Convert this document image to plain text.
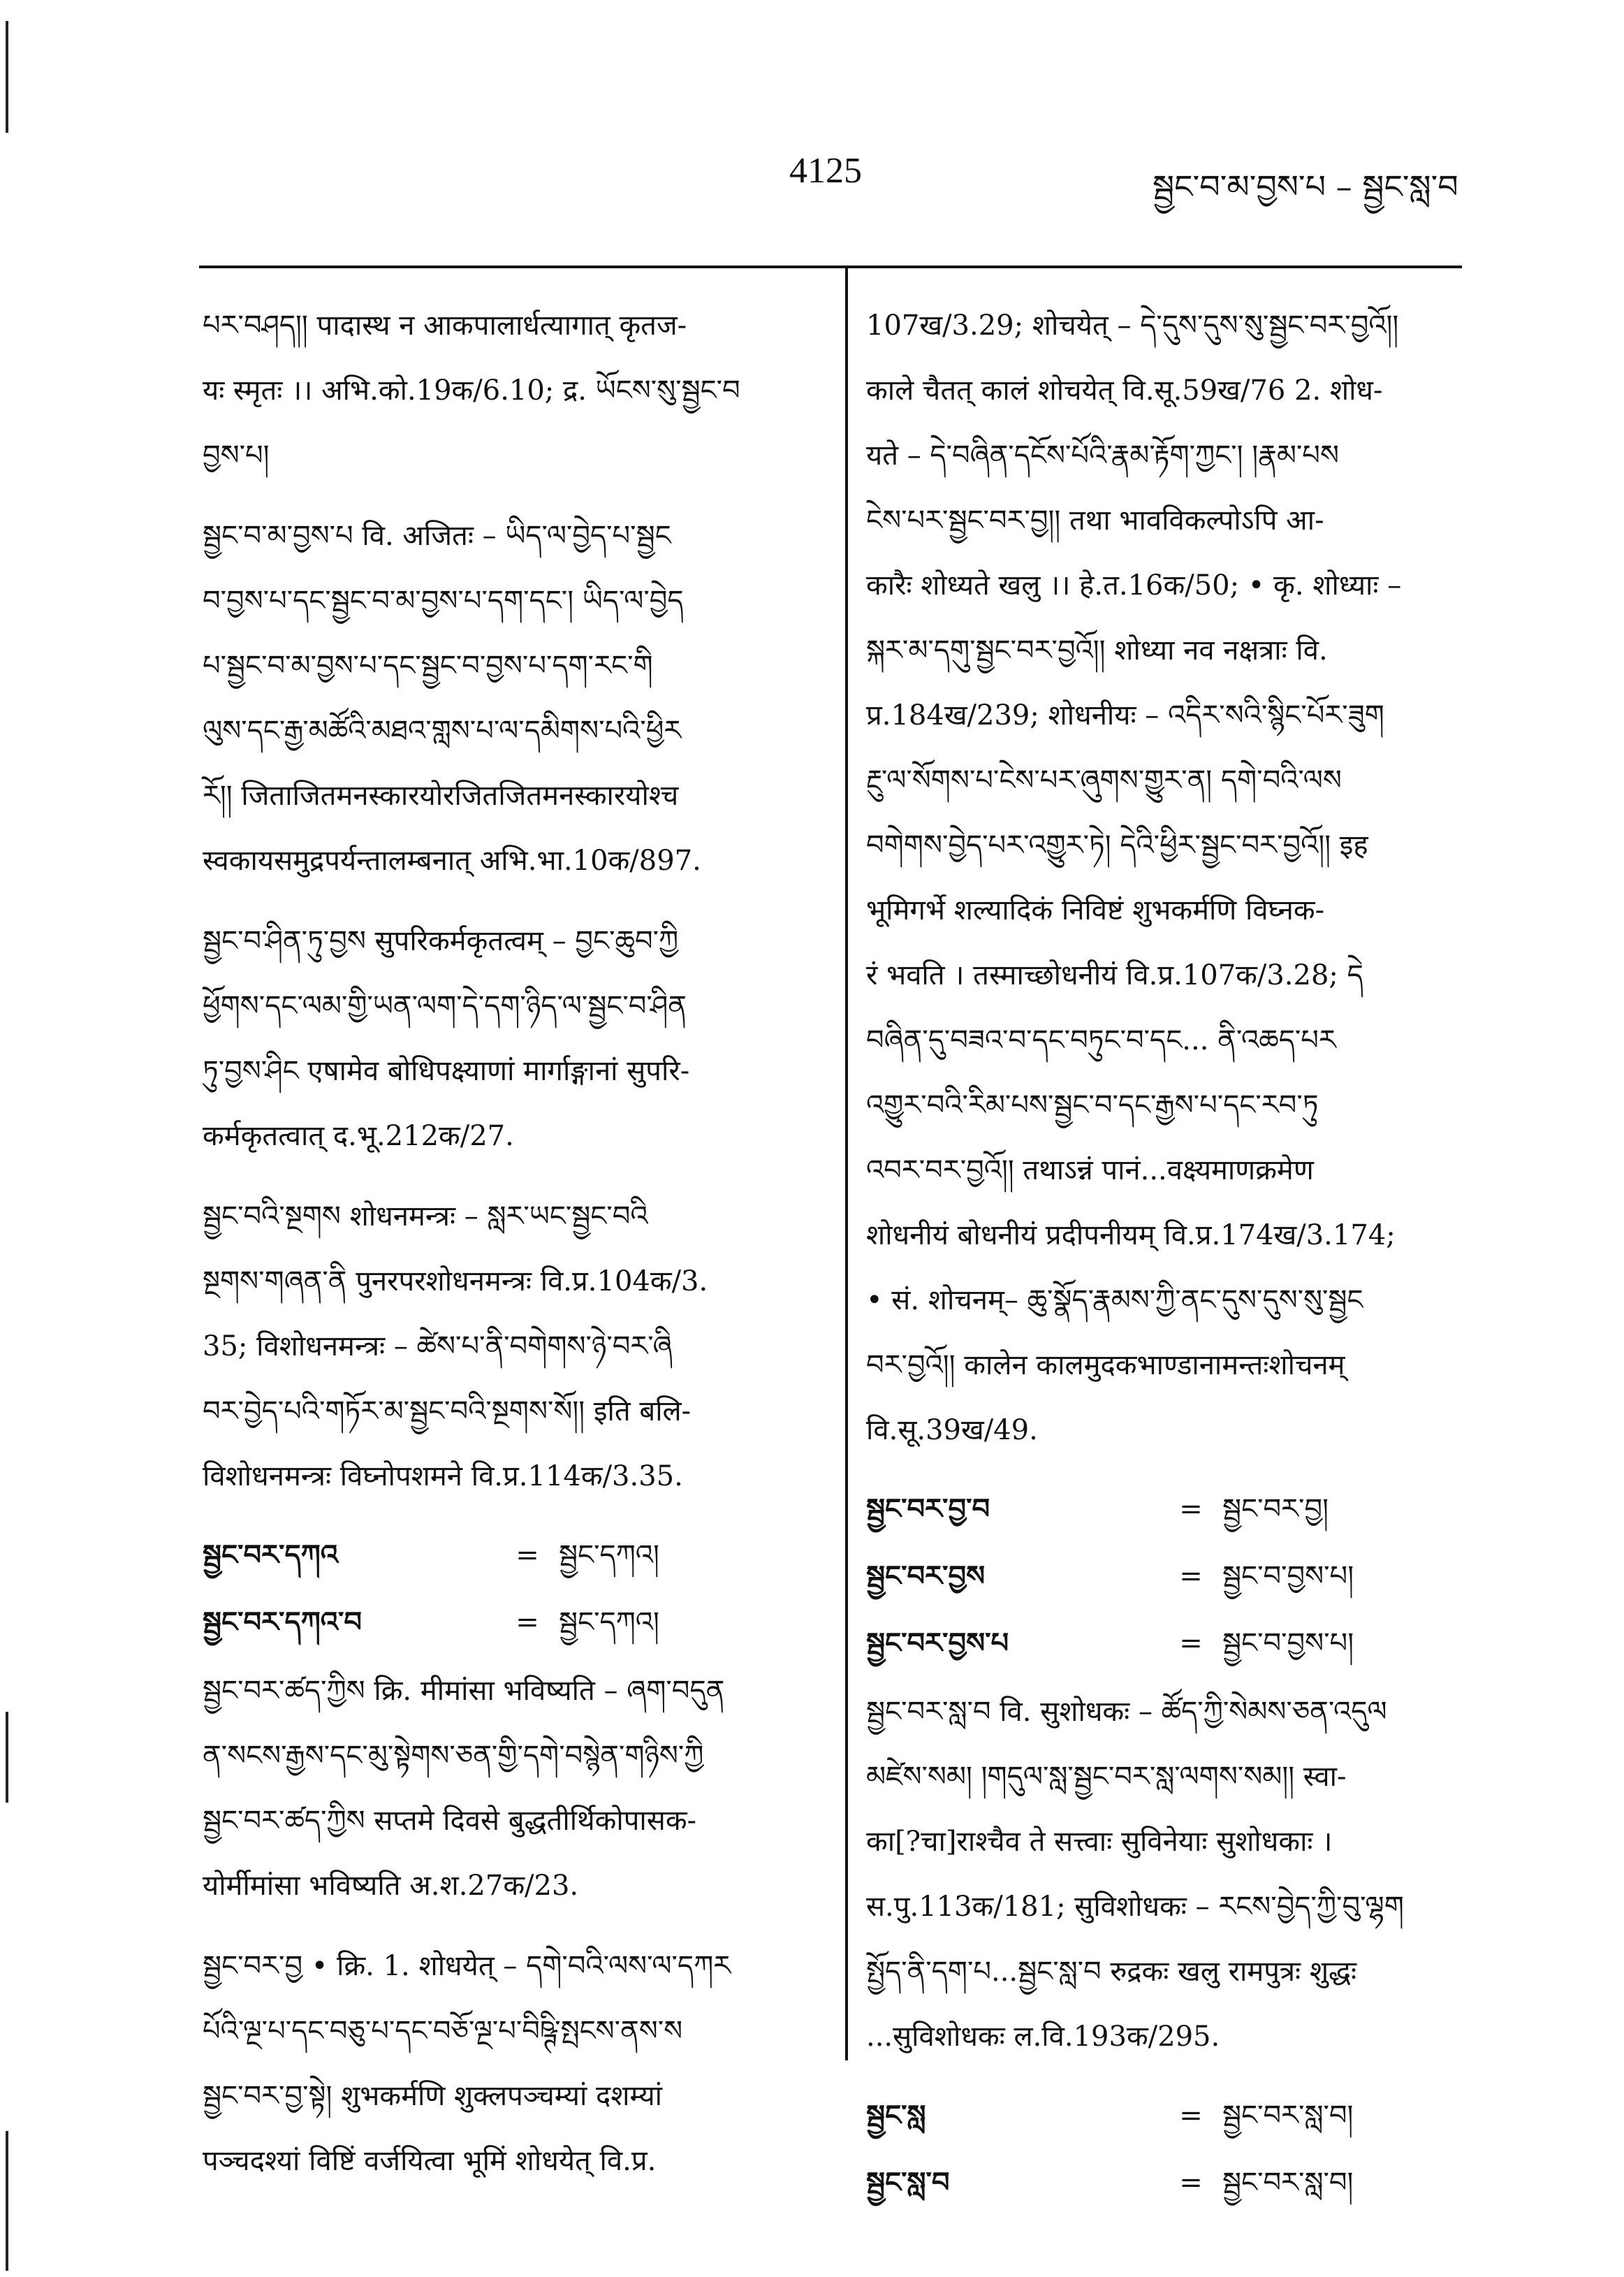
4125	སྦྱང་བ་མ་བྱས་པ – སྦྱང་སླ་བ

པར་བཤད།། पादास्थ न आकपालार्धत्यागात् कृतज-

यः स्मृतः ।। अभि.को.19क/6.10; द्र. ཡོངས་སུ་སྦྱང་བ

བྱས་པ།

སྦྱང་བ་མ་བྱས་པ वि. अजितः – ཡིད་ལ་བྱེད་པ་སྦྱང

བ་བྱས་པ་དང་སྦྱང་བ་མ་བྱས་པ་དག་དང་། ཡིད་ལ་བྱེད

པ་སྦྱང་བ་མ་བྱས་པ་དང་སྦྱང་བ་བྱས་པ་དག་རང་གི

ལུས་དང་རྒྱ་མཚོའི་མཐའ་གླས་པ་ལ་དམིགས་པའི་ཕྱིར

རོ།། जिताजितमनस्कारयोरजितजितमनस्कारयोश्च

स्वकायसमुद्रपर्यन्तालम्बनात् अभि.भा.10क/897.

སྦྱང་བ་ཤིན་ཏུ་བྱས सुपरिकर्मकृतत्वम् – བྱང་ཆུབ་ཀྱི

ཕྱོགས་དང་ལམ་གྱི་ཡན་ལག་དེ་དག་ཉིད་ལ་སྦྱང་བ་ཤིན

ཏུ་བྱས་ཤིང एषामेव बोधिपक्ष्याणां मार्गाङ्गानां सुपरि-

कर्मकृतत्वात् द.भू.212क/27.

སྦྱང་བའི་སྔགས शोधनमन्त्रः – སླར་ཡང་སྦྱང་བའི

སྔགས་གཞན་ནི पुनरपरशोधनमन्त्रः वि.प्र.104क/3.

35; विशोधनमन्त्रः – ཚེས་པ་ནི་བགེགས་ཉེ་བར་ཞི

བར་བྱེད་པའི་གཏོར་མ་སྦྱང་བའི་སྔགས་སོ།། इति बलि-

विशोधनमन्त्रः विघ्नोपशमने वि.प्र.114क/3.35.

སྦྱང་བར་དཀའ	= སྦྱང་དཀའ།
སྦྱང་བར་དཀའ་བ	= སྦྱང་དཀའ།

སྦྱང་བར་ཚད་ཀྱིས क्रि. मीमांसा भविष्यति – ཞག་བདུན

ན་སངས་རྒྱས་དང་མུ་སྟེགས་ཅན་གྱི་དགེ་བསྙེན་གཉིས་ཀྱི

སྦྱང་བར་ཚད་ཀྱིས सप्तमे दिवसे बुद्धतीर्थिकोपासक-

योर्मीमांसा भविष्यति अ.श.27क/23.

སྦྱང་བར་བྱ • क्रि. 1. शोधयेत् – དགེ་བའི་ལས་ལ་དཀར

པོའི་ལྔ་པ་དང་བཅུ་པ་དང་བཅོ་ལྔ་པ་བིཥྚི་སྤངས་ནས་ས

སྦྱང་བར་བྱ་སྟེ། शुभकर्मणि शुक्लपञ्चम्यां दशम्यां

पञ्चदश्यां विष्टिं वर्जयित्वा भूमिं शोधयेत् वि.प्र.

107ख/3.29; शोचयेत् – དེ་དུས་དུས་སུ་སྦྱང་བར་བྱའོ།།

काले चैतत् कालं शोचयेत् वि.सू.59ख/76 2. शोध-

यते – དེ་བཞིན་དངོས་པོའི་རྣམ་རྟོག་ཀྱང་། །རྣམ་པས

ངེས་པར་སྦྱང་བར་བྱ།། तथा भावविकल्पोऽपि आ-

कारैः शोध्यते खलु ।। हे.त.16क/50; • कृ. शोध्याः –

སྐར་མ་དགུ་སྦྱང་བར་བྱའོ།། शोध्या नव नक्षत्राः वि.

प्र.184ख/239; शोधनीयः – འདིར་སའི་སྙིང་པོར་ཟུག

རྔུ་ལ་སོགས་པ་ངེས་པར་ཞུགས་གྱུར་ན། དགེ་བའི་ལས

བགེགས་བྱེད་པར་འགྱུར་ཏེ། དེའི་ཕྱིར་སྦྱང་བར་བྱའོ།། इह

भूमिगर्भे शल्यादिकं निविष्टं शुभकर्मणि विघ्नक-

रं भवति । तस्माच्छोधनीयं वि.प्र.107क/3.28; དེ

བཞིན་དུ་བཟའ་བ་དང་བཏུང་བ་དང... ནི་འཆད་པར

འགྱུར་བའི་རིམ་པས་སྦྱང་བ་དང་རྒྱས་པ་དང་རབ་ཏུ

འབར་བར་བྱའོ།། तथाऽन्नं पानं...वक्ष्यमाणक्रमेण

शोधनीयं बोधनीयं प्रदीपनीयम् वि.प्र.174ख/3.174;

• सं. शोचनम्– ཆུ་སྣོད་རྣམས་ཀྱི་ནང་དུས་དུས་སུ་སྦྱང

བར་བྱའོ།། कालेन कालमुदकभाण्डानामन्तःशोचनम्

वि.सू.39ख/49.

སྦྱང་བར་བྱ་བ	= སྦྱང་བར་བྱ།
སྦྱང་བར་བྱས	= སྦྱང་བ་བྱས་པ།
སྦྱང་བར་བྱས་པ	= སྦྱང་བ་བྱས་པ།

སྦྱང་བར་སླ་བ वि. सुशोधकः – ཚོད་ཀྱི་སེམས་ཅན་འདུལ

མཛེས་སམ། །གདུལ་སླ་སྦྱང་བར་སླ་ལགས་སམ།། स्वा-

का[?चा]राश्चैव ते सत्त्वाः सुविनेयाः सुशोधकाः ।

स.पु.113क/181; सुविशोधकः – རངས་བྱེད་ཀྱི་བུ་ལྷག

སྤྱོད་ནི་དག་པ...སྦྱང་སླ་བ रुद्रकः खलु रामपुत्रः शुद्धः

...सुविशोधकः ल.वि.193क/295.

སྦྱང་སླ	= སྦྱང་བར་སླ་བ།
སྦྱང་སླ་བ	= སྦྱང་བར་སླ་བ།
